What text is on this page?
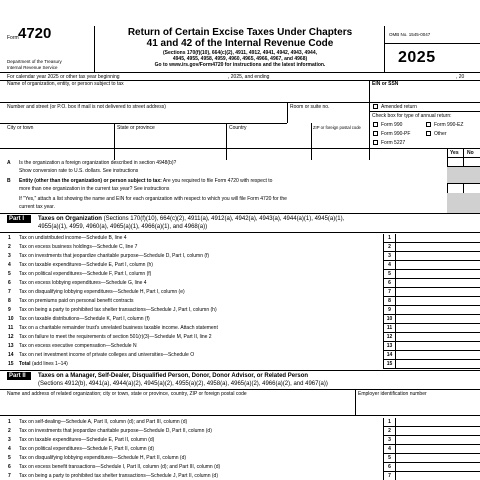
Form 4720
Department of the Treasury
Internal Revenue Service
Return of Certain Excise Taxes Under Chapters
41 and 42 of the Internal Revenue Code
(Sections 170(f)(10), 664(c)(2), 4911, 4912, 4941, 4942, 4943, 4944,
4945, 4955, 4958, 4959, 4960, 4965, 4966, 4967, and 4968)
Go to www.irs.gov/Form4720 for instructions and the latest information.
OMB No. 1545-0047
2025
For calendar year 2025 or other tax year beginning	, 2025, and ending	, 20
Name of organization, entity, or person subject to tax	EIN or SSN
Number and street (or P.O. box if mail is not delivered to street address)	Room or suite no.	Amended return
Check box for type of annual return:
City or town	State or province	Country	ZIP or foreign postal code	Form 990	Form 990-EZ
Form 990-PF	Other
Form 5227
Yes No
A Is the organization a foreign organization described in section 4948(b)?
Show conversion rate to U.S. dollars. See instructions
B Entity (other than the organization) or person subject to tax: Are you required to file Form 4720 with respect to
more than one organization in the current tax year? See instructions
If "Yes," attach a list showing the name and EIN for each organization with respect to which you will file Form 4720 for the
current tax year.
Part I	Taxes on Organization (Sections 170(f)(10), 664(c)(2), 4911(a), 4912(a), 4942(a), 4943(a), 4944(a)(1), 4945(a)(1),
4955(a)(1), 4959, 4960(a), 4965(a)(1), 4966(a)(1), and 4968(a))
1 Tax on undistributed income—Schedule B, line 4	1
2 Tax on excess business holdings—Schedule C, line 7	2
3 Tax on investments that jeopardize charitable purpose—Schedule D, Part I, column (f)	3
4 Tax on taxable expenditures—Schedule E, Part I, column (h)	4
5 Tax on political expenditures—Schedule F, Part I, column (f)	5
6 Tax on excess lobbying expenditures—Schedule G, line 4	6
7 Tax on disqualifying lobbying expenditures—Schedule H, Part I, column (e)	7
8 Tax on premiums paid on personal benefit contracts	8
9 Tax on being a party to prohibited tax shelter transactions—Schedule J, Part I, column (h)	9
10 Tax on taxable distributions—Schedule K, Part I, column (f)	10
11 Tax on a charitable remainder trust's unrelated business taxable income. Attach statement	11
12 Tax on failure to meet the requirements of section 501(r)(3)—Schedule M, Part II, line 2	12
13 Tax on excess executive compensation—Schedule N	13
14 Tax on net investment income of private colleges and universities—Schedule O	14
15 Total (add lines 1–14)	15
Part II	Taxes on a Manager, Self-Dealer, Disqualified Person, Donor, Donor Advisor, or Related Person
(Sections 4912(b), 4941(a), 4944(a)(2), 4945(a)(2), 4955(a)(2), 4958(a), 4965(a)(2), 4966(a)(2), and 4967(a))
Name and address of related organization; city or town, state or province, country, ZIP or foreign postal code	Employer identification number
1 Tax on self-dealing—Schedule A, Part II, column (d); and Part III, column (d)	1
2 Tax on investments that jeopardize charitable purpose—Schedule D, Part II, column (d)	2
3 Tax on taxable expenditures—Schedule E, Part II, column (d)	3
4 Tax on political expenditures—Schedule F, Part II, column (d)	4
5 Tax on disqualifying lobbying expenditures—Schedule H, Part II, column (d)	5
6 Tax on excess benefit transactions—Schedule I, Part II, column (d); and Part III, column (d)	6
7 Tax on being a party to prohibited tax shelter transactions—Schedule J, Part II, column (d)	7
